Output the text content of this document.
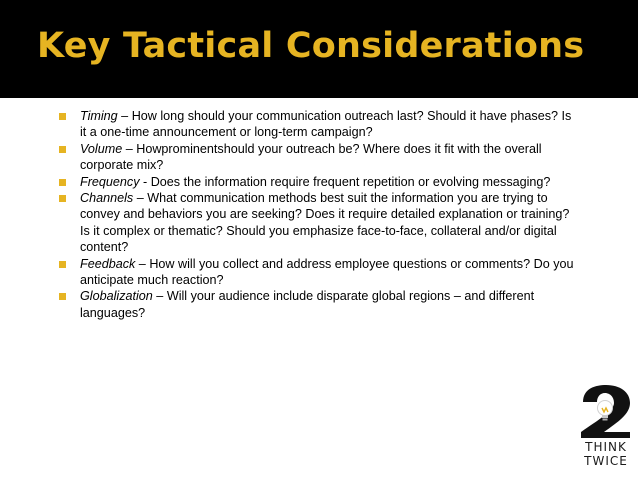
Key Tactical Considerations
Timing – How long should your communication outreach last? Should it have phases? Is it a one-time announcement or long-term campaign?
Volume – Howprominentshould your outreach be? Where does it fit with the overall corporate mix?
Frequency - Does the information require frequent repetition or evolving messaging?
Channels – What communication methods best suit the information you are trying to convey and behaviors you are seeking? Does it require detailed explanation or training? Is it complex or thematic? Should you emphasize face-to-face, collateral and/or digital content?
Feedback – How will you collect and address employee questions or comments? Do you anticipate much reaction?
Globalization – Will your audience include disparate global regions – and different languages?
THINK
TWICE
